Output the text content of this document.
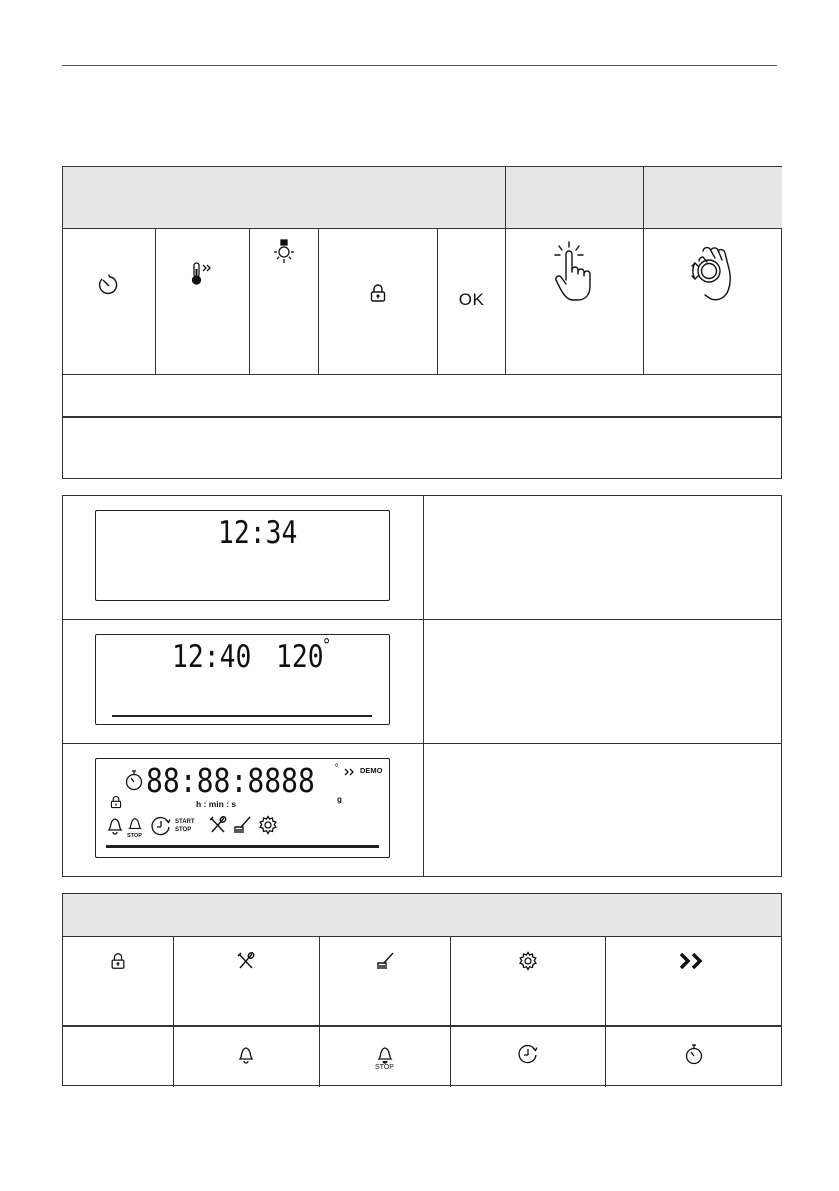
OK
12:34
12:40 120
°
88:88:8888 °	DEMO
g
h : min : s
STOP
START
STOP
STOP
